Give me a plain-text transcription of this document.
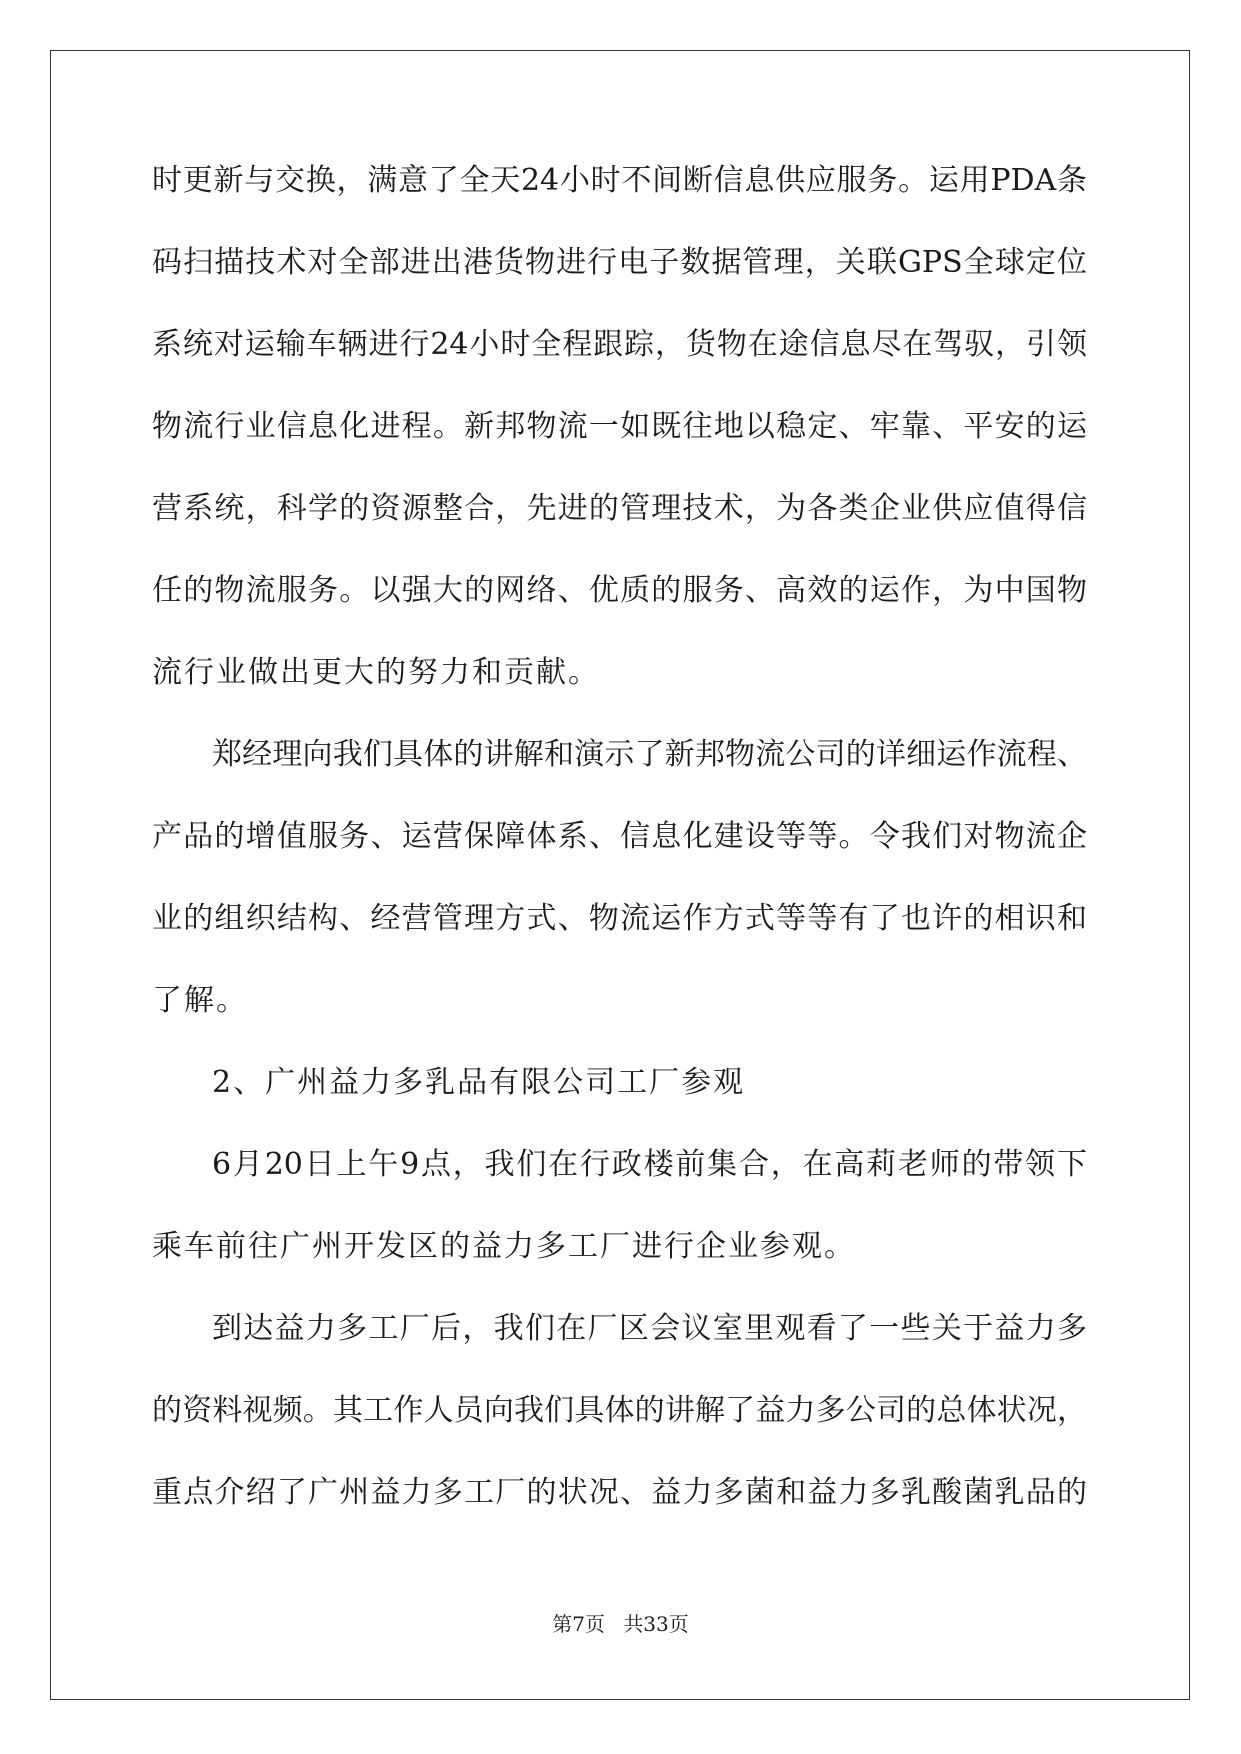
时更新与交换，满意了全天24小时不间断信息供应服务。运用PDA条
码扫描技术对全部进出港货物进行电子数据管理，关联GPS全球定位
系统对运输车辆进行24小时全程跟踪，货物在途信息尽在驾驭，引领
物流行业信息化进程。新邦物流一如既往地以稳定、牢靠、平安的运
营系统，科学的资源整合，先进的管理技术，为各类企业供应值得信
任的物流服务。以强大的网络、优质的服务、高效的运作，为中国物
流行业做出更大的努力和贡献。
郑经理向我们具体的讲解和演示了新邦物流公司的详细运作流程、
产品的增值服务、运营保障体系、信息化建设等等。令我们对物流企
业的组织结构、经营管理方式、物流运作方式等等有了也许的相识和
了解。
2、广州益力多乳品有限公司工厂参观
6月20日上午9点，我们在行政楼前集合，在高莉老师的带领下
乘车前往广州开发区的益力多工厂进行企业参观。
到达益力多工厂后，我们在厂区会议室里观看了一些关于益力多
的资料视频。其工作人员向我们具体的讲解了益力多公司的总体状况，
重点介绍了广州益力多工厂的状况、益力多菌和益力多乳酸菌乳品的
第7页 共33页
